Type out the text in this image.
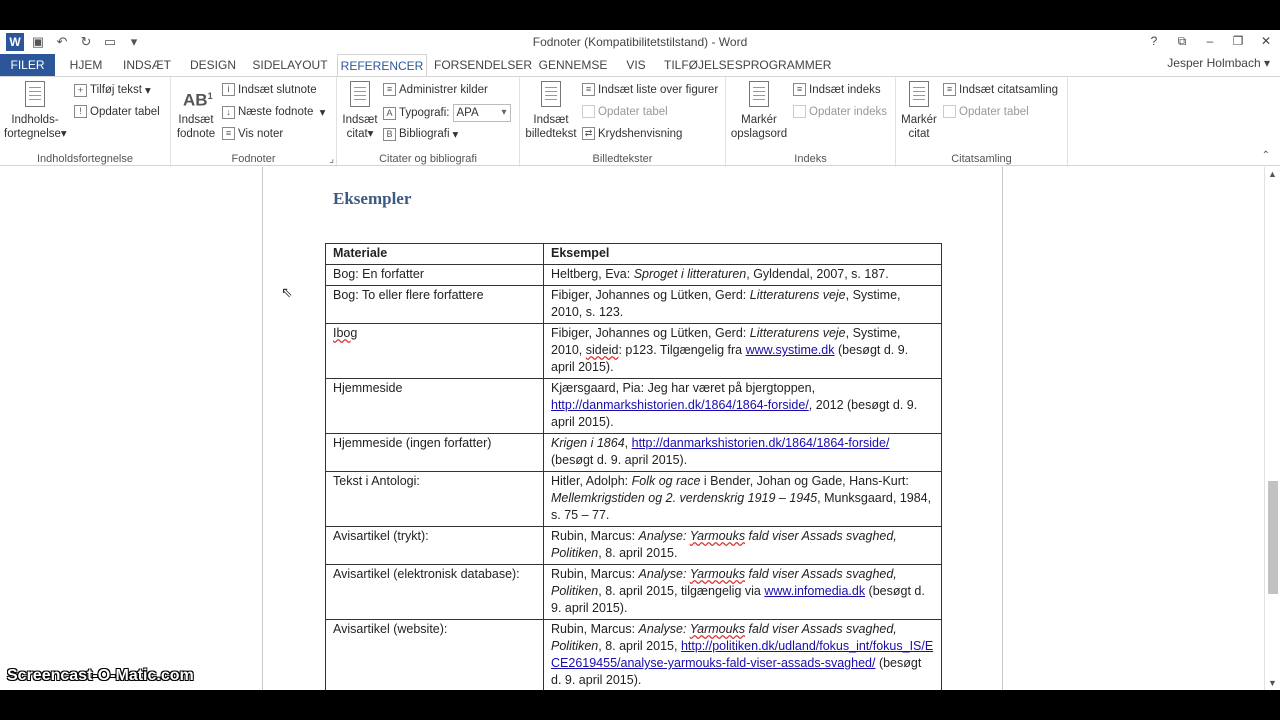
W ▣ ↶	↻ ▭	▾	Fodnoter (Kompatibilitetstilstand) - Word	?	⧉	–	❐	✕
FILER	HJEM	INDSÆT	DESIGN	SIDELAYOUT	REFERENCER FORSENDELSER GENNEMSE	VIS	TILFØJELSESPROGRAMMER	Jesper Holmbach ▾
Indholds-
fortegnelse▾
+ Tilføj tekst ▾
! Opdater tabel
Indholdsfortegnelse
$AB^1$
Indsæt
fodnote
i Indsæt slutnote
↓ Næste fodnote ▾
≡ Vis noter
Fodnoter	⌟
Indsæt
citat▾
≡ Administrer kilder
A Typografi: APA ▾
B Bibliografi ▾
Citater og bibliografi
Indsæt
billedtekst
≡ Indsæt liste over figurer
Opdater tabel
⇄ Krydshenvisning
Billedtekster
Markér
opslagsord
≡ Indsæt indeks
Opdater indeks
Indeks
Markér
citat
≡ Indsæt citatsamling
Opdater tabel
Citatsamling	⌃
Eksempler
Materiale	Eksempel
Bog: En forfatter	Heltberg, Eva: Sproget i litteraturen, Gyldendal, 2007, s. 187.
Bog: To eller flere forfattere	Fibiger, Johannes og Lütken, Gerd: Litteraturens veje, Systime, 2010, s. 123.
Ibog	Fibiger, Johannes og Lütken, Gerd: Litteraturens veje, Systime, 2010, sideid: p123. Tilgængelig fra www.systime.dk (besøgt d. 9. april 2015).
Hjemmeside	Kjærsgaard, Pia: Jeg har været på bjergtoppen, http://danmarkshistorien.dk/1864/1864-forside/, 2012 (besøgt d. 9. april 2015).
Hjemmeside (ingen forfatter)	Krigen i 1864, http://danmarkshistorien.dk/1864/1864-forside/ (besøgt d. 9. april 2015).
Tekst i Antologi:	Hitler, Adolph: Folk og race i Bender, Johan og Gade, Hans-Kurt: Mellemkrigstiden og 2. verdenskrig 1919 – 1945, Munksgaard, 1984, s. 75 – 77.
Avisartikel (trykt):	Rubin, Marcus: Analyse: Yarmouks fald viser Assads svaghed, Politiken, 8. april 2015.
Avisartikel (elektronisk database):	Rubin, Marcus: Analyse: Yarmouks fald viser Assads svaghed, Politiken, 8. april 2015, tilgængelig via www.infomedia.dk (besøgt d. 9. april 2015).
Avisartikel (website):	Rubin, Marcus: Analyse: Yarmouks fald viser Assads svaghed, Politiken, 8. april 2015, http://politiken.dk/udland/fokus_int/fokus_IS/ECE2619455/analyse-yarmouks-fald-viser-assads-svaghed/ (besøgt d. 9. april 2015).
⇖
▲
▼
Screencast-O-Matic.com
